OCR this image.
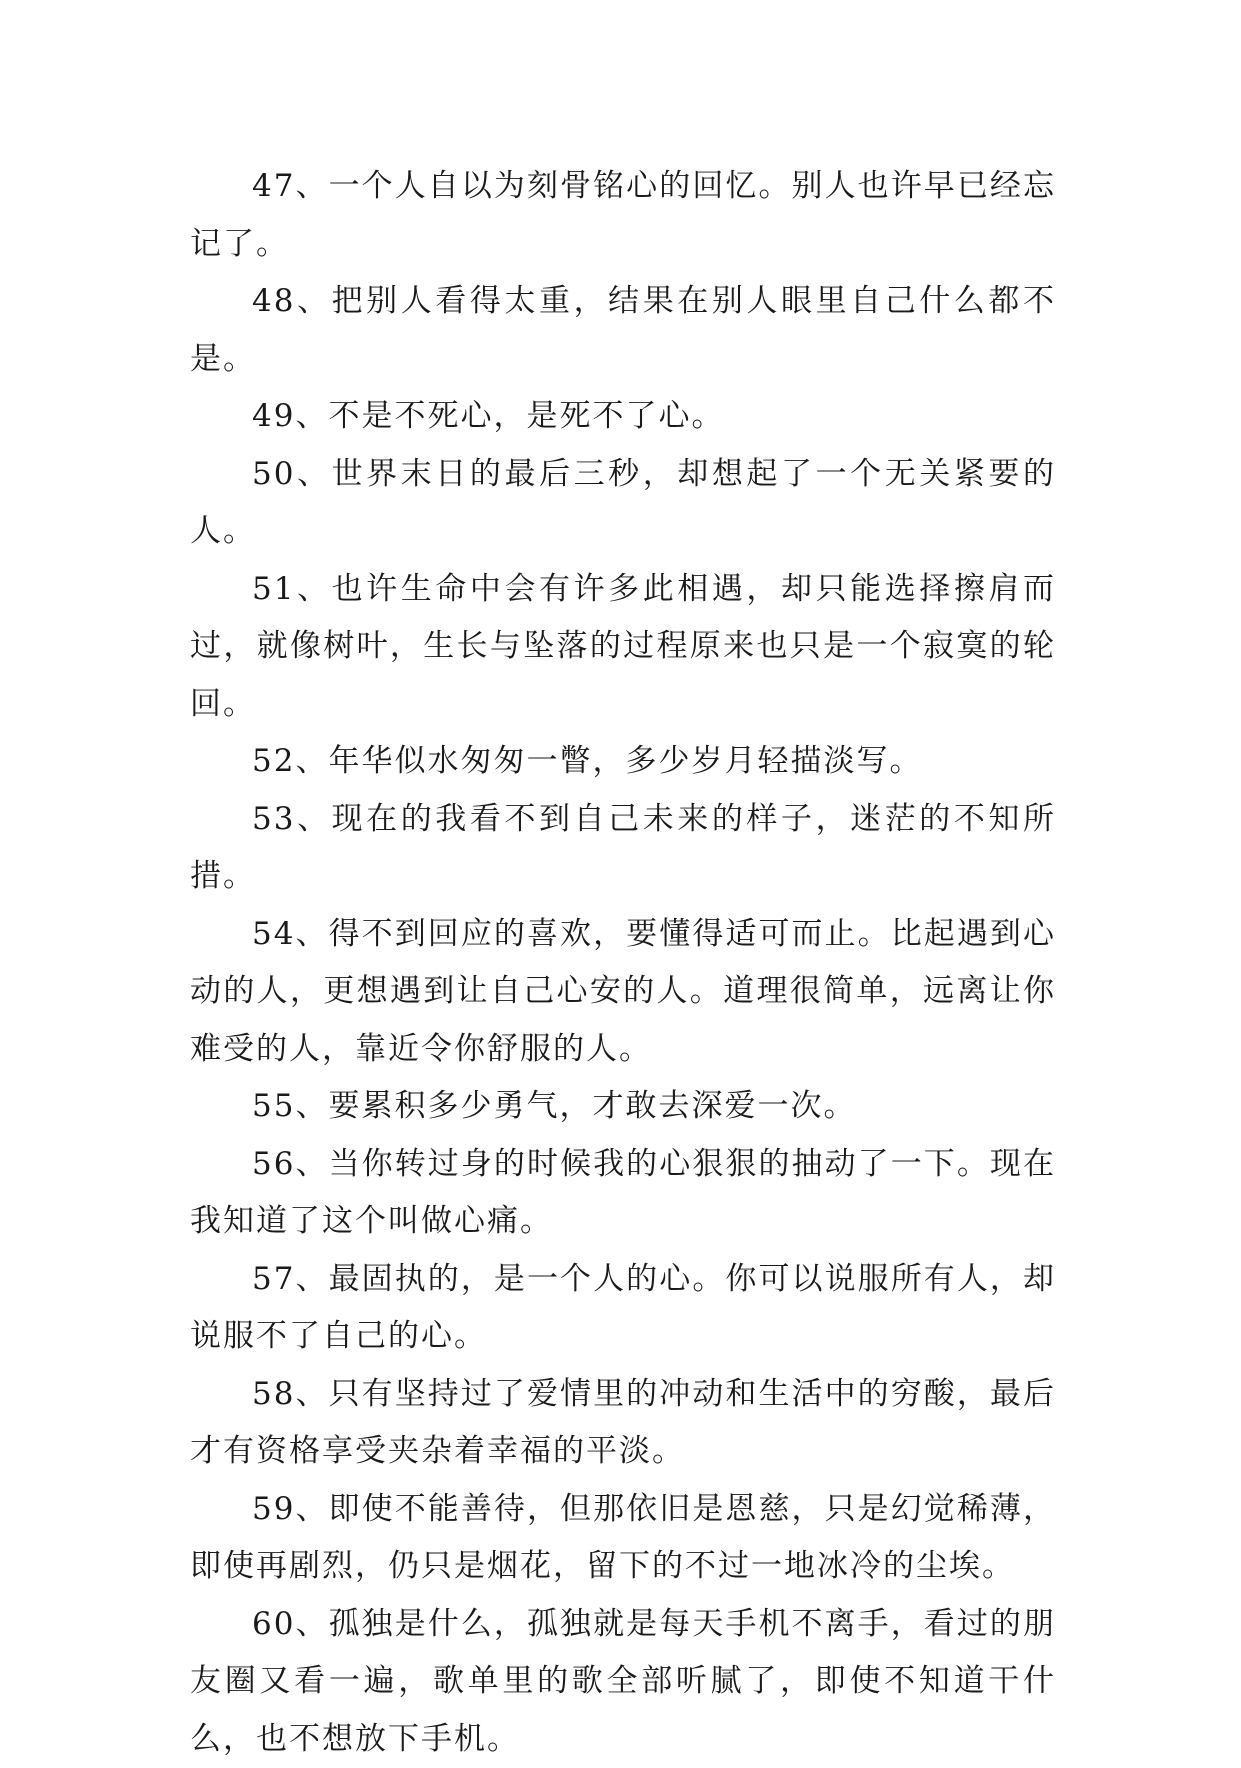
47、一个人自以为刻骨铭心的回忆。别人也许早已经忘记了。

48、把别人看得太重，结果在别人眼里自己什么都不是。

49、不是不死心，是死不了心。

50、世界末日的最后三秒，却想起了一个无关紧要的人。

51、也许生命中会有许多此相遇，却只能选择擦肩而过，就像树叶，生长与坠落的过程原来也只是一个寂寞的轮回。

52、年华似水匆匆一瞥，多少岁月轻描淡写。

53、现在的我看不到自己未来的样子，迷茫的不知所措。

54、得不到回应的喜欢，要懂得适可而止。比起遇到心动的人，更想遇到让自己心安的人。道理很简单，远离让你难受的人，靠近令你舒服的人。

55、要累积多少勇气，才敢去深爱一次。

56、当你转过身的时候我的心狠狠的抽动了一下。现在我知道了这个叫做心痛。

57、最固执的，是一个人的心。你可以说服所有人，却说服不了自己的心。

58、只有坚持过了爱情里的冲动和生活中的穷酸，最后才有资格享受夹杂着幸福的平淡。

59、即使不能善待，但那依旧是恩慈，只是幻觉稀薄，即使再剧烈，仍只是烟花，留下的不过一地冰冷的尘埃。

60、孤独是什么，孤独就是每天手机不离手，看过的朋友圈又看一遍，歌单里的歌全部听腻了，即使不知道干什么，也不想放下手机。
